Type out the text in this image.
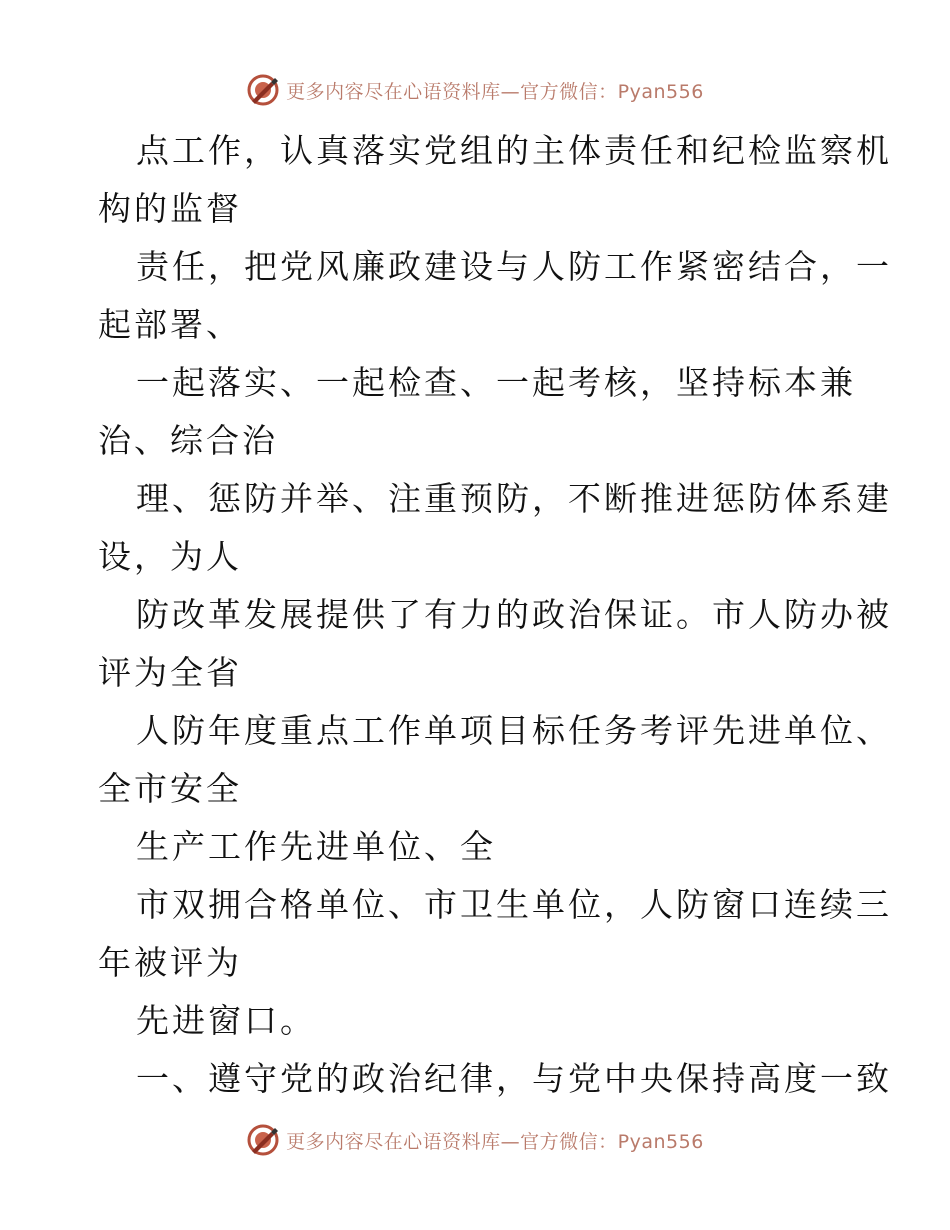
更多内容尽在心语资料库—官方微信：Pyan556
点工作，认真落实党组的主体责任和纪检监察机
构的监督
责任，把党风廉政建设与人防工作紧密结合，一
起部署、
一起落实、一起检查、一起考核，坚持标本兼
治、综合治
理、惩防并举、注重预防，不断推进惩防体系建
设，为人
防改革发展提供了有力的政治保证。市人防办被
评为全省
人防年度重点工作单项目标任务考评先进单位、
全市安全
生产工作先进单位、全
市双拥合格单位、市卫生单位，人防窗口连续三
年被评为
先进窗口。
一、遵守党的政治纪律，与党中央保持高度一致
更多内容尽在心语资料库—官方微信：Pyan556
